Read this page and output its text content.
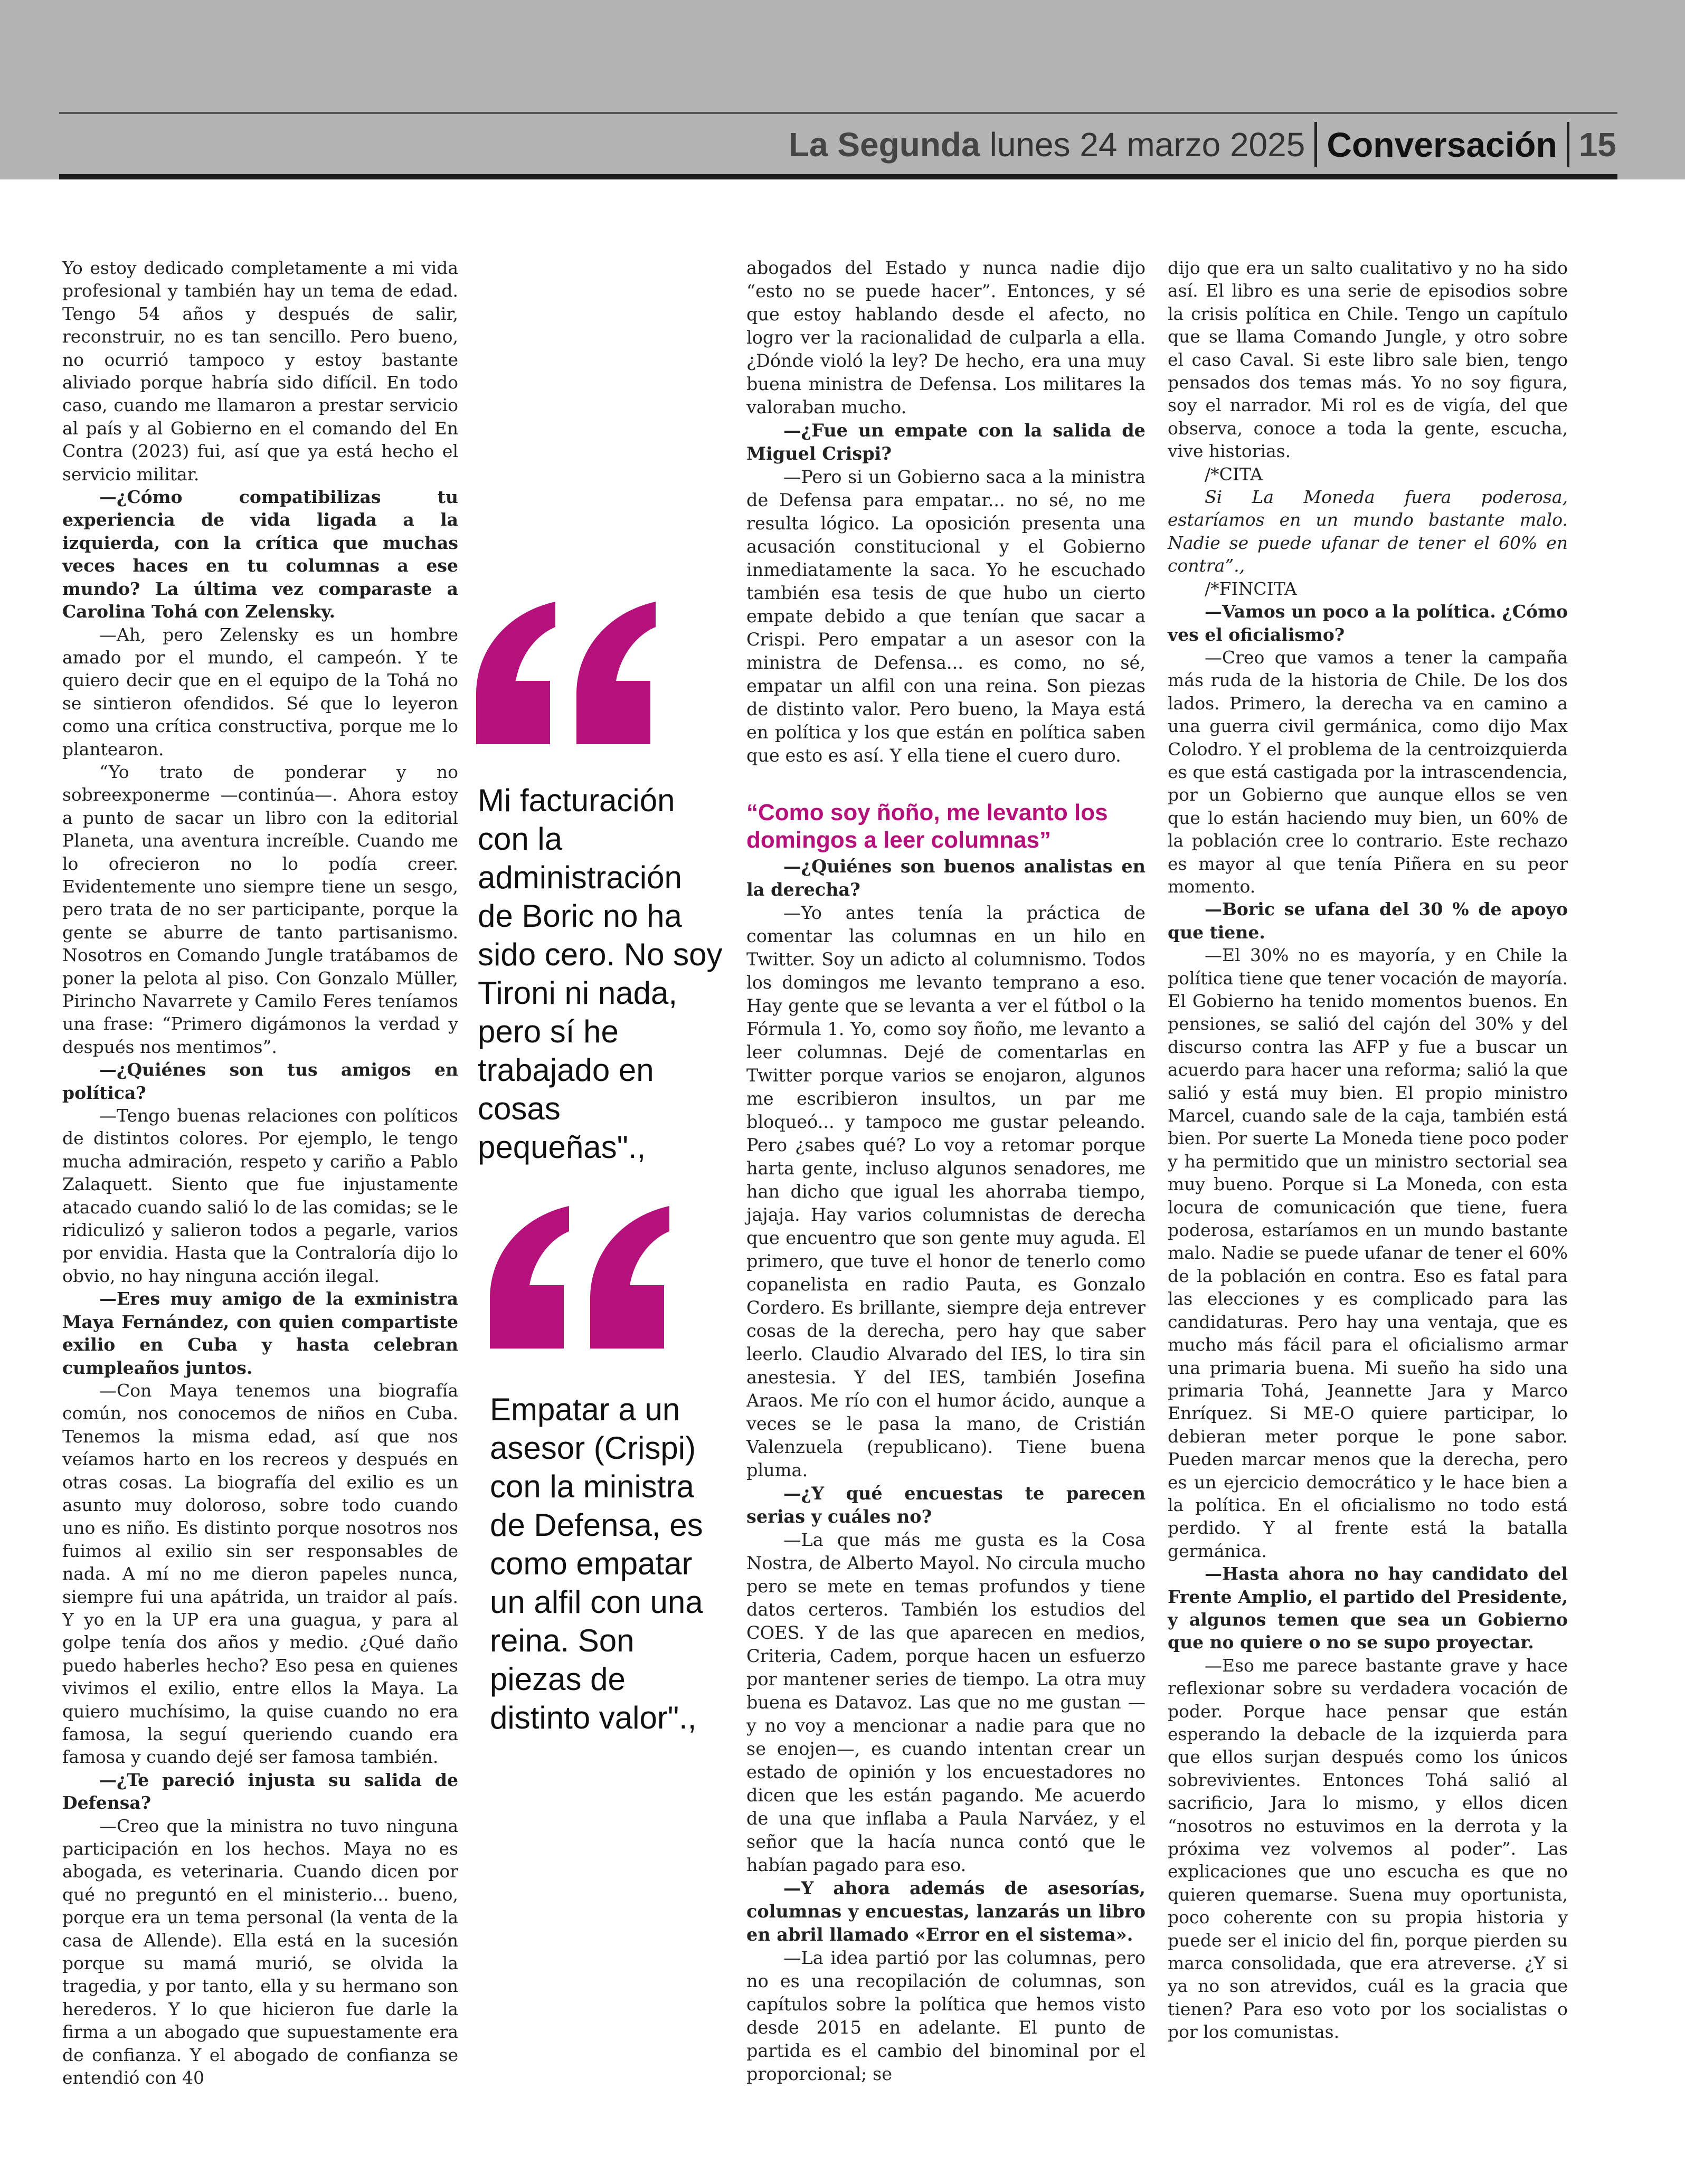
La Segunda lunes 24 marzo 2025 Conversación 15

Yo estoy dedicado completamente a mi vida profesional y también hay un tema de edad. Tengo 54 años y después de salir, reconstruir, no es tan sencillo. Pero bueno, no ocurrió tampoco y estoy bastante aliviado porque habría sido difícil. En todo caso, cuando me llamaron a prestar servicio al país y al Gobierno en el comando del En Contra (2023) fui, así que ya está hecho el servicio militar.

—¿Cómo compatibilizas tu experiencia de vida ligada a la izquierda, con la crítica que muchas veces haces en tu columnas a ese mundo? La última vez comparaste a Carolina Tohá con Zelensky.

—Ah, pero Zelensky es un hombre amado por el mundo, el campeón. Y te quiero decir que en el equipo de la Tohá no se sintieron ofendidos. Sé que lo leyeron como una crítica constructiva, porque me lo plantearon.

“Yo trato de ponderar y no sobreexponerme —continúa—. Ahora estoy a punto de sacar un libro con la editorial Planeta, una aventura increíble. Cuando me lo ofrecieron no lo podía creer. Evidentemente uno siempre tiene un sesgo, pero trata de no ser participante, porque la gente se aburre de tanto partisanismo. Nosotros en Comando Jungle tratábamos de poner la pelota al piso. Con Gonzalo Müller, Pirincho Navarrete y Camilo Feres teníamos una frase: “Primero digámonos la verdad y después nos mentimos”.

—¿Quiénes son tus amigos en política?

—Tengo buenas relaciones con políticos de distintos colores. Por ejemplo, le tengo mucha admiración, respeto y cariño a Pablo Zalaquett. Siento que fue injustamente atacado cuando salió lo de las comidas; se le ridiculizó y salieron todos a pegarle, varios por envidia. Hasta que la Contraloría dijo lo obvio, no hay ninguna acción ilegal.

—Eres muy amigo de la exministra Maya Fernández, con quien compartiste exilio en Cuba y hasta celebran cumpleaños juntos.

—Con Maya tenemos una biografía común, nos conocemos de niños en Cuba. Tenemos la misma edad, así que nos veíamos harto en los recreos y después en otras cosas. La biografía del exilio es un asunto muy doloroso, sobre todo cuando uno es niño. Es distinto porque nosotros nos fuimos al exilio sin ser responsables de nada. A mí no me dieron papeles nunca, siempre fui una apátrida, un traidor al país. Y yo en la UP era una guagua, y para al golpe tenía dos años y medio. ¿Qué daño puedo haberles hecho? Eso pesa en quienes vivimos el exilio, entre ellos la Maya. La quiero muchísimo, la quise cuando no era famosa, la seguí queriendo cuando era famosa y cuando dejé ser famosa también.

—¿Te pareció injusta su salida de Defensa?

—Creo que la ministra no tuvo ninguna participación en los hechos. Maya no es abogada, es veterinaria. Cuando dicen por qué no preguntó en el ministerio... bueno, porque era un tema personal (la venta de la casa de Allende). Ella está en la sucesión porque su mamá murió, se olvida la tragedia, y por tanto, ella y su hermano son herederos. Y lo que hicieron fue darle la firma a un abogado que supuestamente era de confianza. Y el abogado de confianza se entendió con 40

abogados del Estado y nunca nadie dijo “esto no se puede hacer”. Entonces, y sé que estoy hablando desde el afecto, no logro ver la racionalidad de culparla a ella. ¿Dónde violó la ley? De hecho, era una muy buena ministra de Defensa. Los militares la valoraban mucho.

—¿Fue un empate con la salida de Miguel Crispi?

—Pero si un Gobierno saca a la ministra de Defensa para empatar... no sé, no me resulta lógico. La oposición presenta una acusación constitucional y el Gobierno inmediatamente la saca. Yo he escuchado también esa tesis de que hubo un cierto empate debido a que tenían que sacar a Crispi. Pero empatar a un asesor con la ministra de Defensa... es como, no sé, empatar un alfil con una reina. Son piezas de distinto valor. Pero bueno, la Maya está en política y los que están en política saben que esto es así. Y ella tiene el cuero duro.

“Como soy ñoño, me levanto los domingos a leer columnas”

—¿Quiénes son buenos analistas en la derecha?

—Yo antes tenía la práctica de comentar las columnas en un hilo en Twitter. Soy un adicto al columnismo. Todos los domingos me levanto temprano a eso. Hay gente que se levanta a ver el fútbol o la Fórmula 1. Yo, como soy ñoño, me levanto a leer columnas. Dejé de comentarlas en Twitter porque varios se enojaron, algunos me escribieron insultos, un par me bloqueó... y tampoco me gustar peleando. Pero ¿sabes qué? Lo voy a retomar porque harta gente, incluso algunos senadores, me han dicho que igual les ahorraba tiempo, jajaja. Hay varios columnistas de derecha que encuentro que son gente muy aguda. El primero, que tuve el honor de tenerlo como copanelista en radio Pauta, es Gonzalo Cordero. Es brillante, siempre deja entrever cosas de la derecha, pero hay que saber leerlo. Claudio Alvarado del IES, lo tira sin anestesia. Y del IES, también Josefina Araos. Me río con el humor ácido, aunque a veces se le pasa la mano, de Cristián Valenzuela (republicano). Tiene buena pluma.

—¿Y qué encuestas te parecen serias y cuáles no?

—La que más me gusta es la Cosa Nostra, de Alberto Mayol. No circula mucho pero se mete en temas profundos y tiene datos certeros. También los estudios del COES. Y de las que aparecen en medios, Criteria, Cadem, porque hacen un esfuerzo por mantener series de tiempo. La otra muy buena es Datavoz. Las que no me gustan —y no voy a mencionar a nadie para que no se enojen—, es cuando intentan crear un estado de opinión y los encuestadores no dicen que les están pagando. Me acuerdo de una que inflaba a Paula Narváez, y el señor que la hacía nunca contó que le habían pagado para eso.

—Y ahora además de asesorías, columnas y encuestas, lanzarás un libro en abril llamado «Error en el sistema».

—La idea partió por las columnas, pero no es una recopilación de columnas, son capítulos sobre la política que hemos visto desde 2015 en adelante. El punto de partida es el cambio del binominal por el proporcional; se

dijo que era un salto cualitativo y no ha sido así. El libro es una serie de episodios sobre la crisis política en Chile. Tengo un capítulo que se llama Comando Jungle, y otro sobre el caso Caval. Si este libro sale bien, tengo pensados dos temas más. Yo no soy figura, soy el narrador. Mi rol es de vigía, del que observa, conoce a toda la gente, escucha, vive historias.

/*CITA

Si La Moneda fuera poderosa, estaríamos en un mundo bastante malo. Nadie se puede ufanar de tener el 60% en contra”.,

/*FINCITA

—Vamos un poco a la política. ¿Cómo ves el oficialismo?

—Creo que vamos a tener la campaña más ruda de la historia de Chile. De los dos lados. Primero, la derecha va en camino a una guerra civil germánica, como dijo Max Colodro. Y el problema de la centroizquierda es que está castigada por la intrascendencia, por un Gobierno que aunque ellos se ven que lo están haciendo muy bien, un 60% de la población cree lo contrario. Este rechazo es mayor al que tenía Piñera en su peor momento.

—Boric se ufana del 30 % de apoyo que tiene.

—El 30% no es mayoría, y en Chile la política tiene que tener vocación de mayoría. El Gobierno ha tenido momentos buenos. En pensiones, se salió del cajón del 30% y del discurso contra las AFP y fue a buscar un acuerdo para hacer una reforma; salió la que salió y está muy bien. El propio ministro Marcel, cuando sale de la caja, también está bien. Por suerte La Moneda tiene poco poder y ha permitido que un ministro sectorial sea muy bueno. Porque si La Moneda, con esta locura de comunicación que tiene, fuera poderosa, estaríamos en un mundo bastante malo. Nadie se puede ufanar de tener el 60% de la población en contra. Eso es fatal para las elecciones y es complicado para las candidaturas. Pero hay una ventaja, que es mucho más fácil para el oficialismo armar una primaria buena. Mi sueño ha sido una primaria Tohá, Jeannette Jara y Marco Enríquez. Si ME-O quiere participar, lo debieran meter porque le pone sabor. Pueden marcar menos que la derecha, pero es un ejercicio democrático y le hace bien a la política. En el oficialismo no todo está perdido. Y al frente está la batalla germánica.

—Hasta ahora no hay candidato del Frente Amplio, el partido del Presidente, y algunos temen que sea un Gobierno que no quiere o no se supo proyectar.

—Eso me parece bastante grave y hace reflexionar sobre su verdadera vocación de poder. Porque hace pensar que están esperando la debacle de la izquierda para que ellos surjan después como los únicos sobrevivientes. Entonces Tohá salió al sacrificio, Jara lo mismo, y ellos dicen “nosotros no estuvimos en la derrota y la próxima vez volvemos al poder”. Las explicaciones que uno escucha es que no quieren quemarse. Suena muy oportunista, poco coherente con su propia historia y puede ser el inicio del fin, porque pierden su marca consolidada, que era atreverse. ¿Y si ya no son atrevidos, cuál es la gracia que tienen? Para eso voto por los socialistas o por los comunistas.

Mi facturación con la administración de Boric no ha sido cero. No soy Tironi ni nada, pero sí he trabajado en cosas pequeñas".,
Empatar a un asesor (Crispi) con la ministra de Defensa, es como empatar un alfil con una reina. Son piezas de distinto valor".,
